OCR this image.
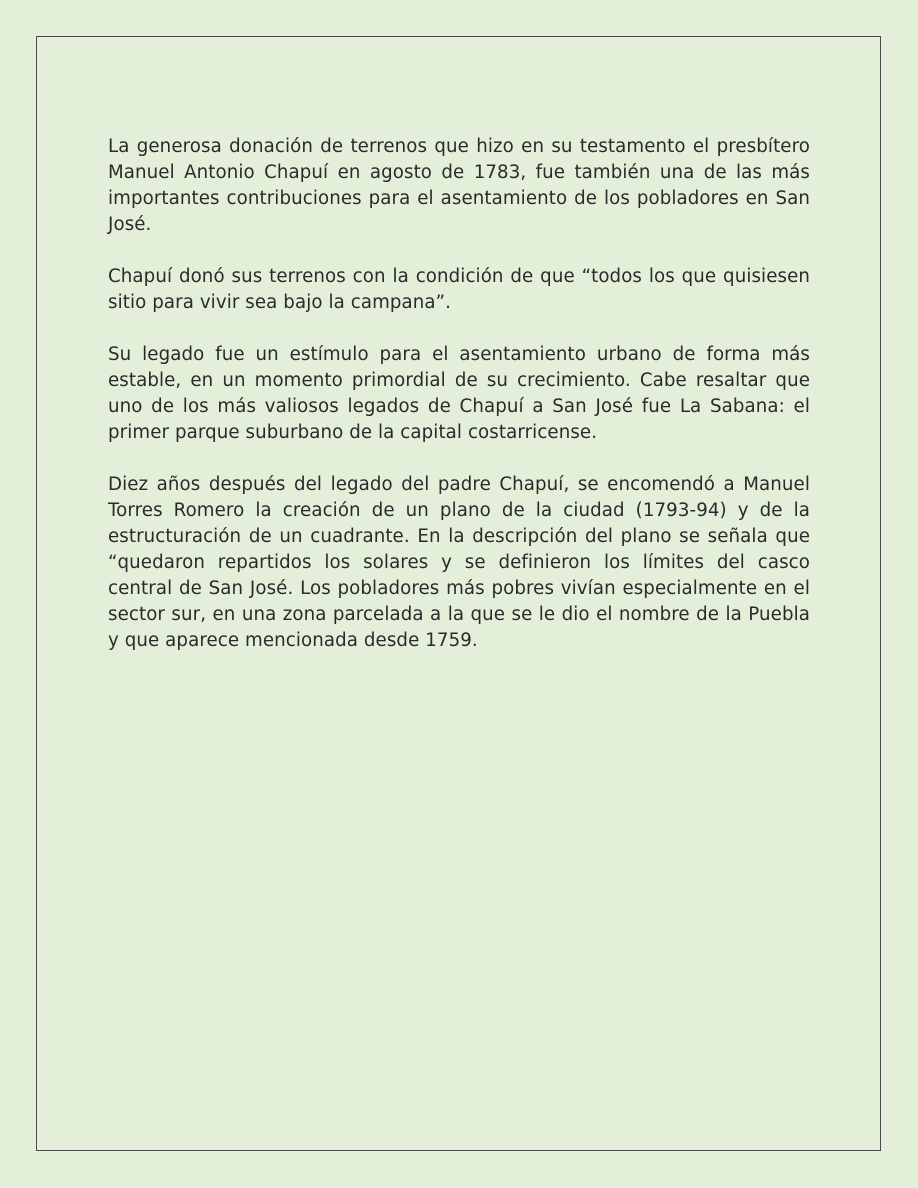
La generosa donación de terrenos que hizo en su testamento el presbítero Manuel Antonio Chapuí en agosto de 1783, fue también una de las más importantes contribuciones para el asentamiento de los pobladores en San José.

Chapuí donó sus terrenos con la condición de que “todos los que quisiesen sitio para vivir sea bajo la campana”.

Su legado fue un estímulo para el asentamiento urbano de forma más estable, en un momento primordial de su crecimiento. Cabe resaltar que uno de los más valiosos legados de Chapuí a San José fue La Sabana: el primer parque suburbano de la capital costarricense.

Diez años después del legado del padre Chapuí, se encomendó a Manuel Torres Romero la creación de un plano de la ciudad (1793-94) y de la estructuración de un cuadrante. En la descripción del plano se señala que “quedaron repartidos los solares y se definieron los límites del casco central de San José. Los pobladores más pobres vivían especialmente en el sector sur, en una zona parcelada a la que se le dio el nombre de la Puebla y que aparece mencionada desde 1759.
